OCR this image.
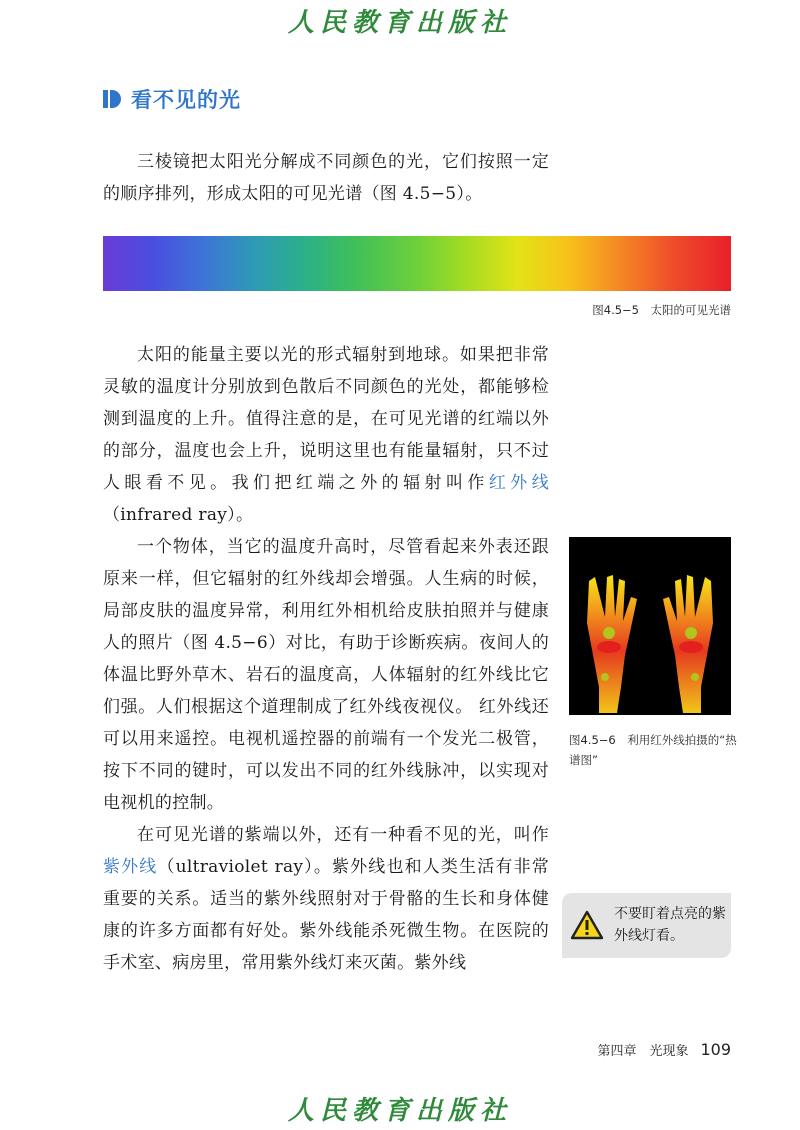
人民教育出版社
看不见的光

三棱镜把太阳光分解成不同颜色的光，它们按照一定的顺序排列，形成太阳的可见光谱（图 4.5−5）。

图4.5−5　太阳的可见光谱

太阳的能量主要以光的形式辐射到地球。如果把非常灵敏的温度计分别放到色散后不同颜色的光处，都能够检测到温度的上升。值得注意的是，在可见光谱的红端以外的部分，温度也会上升，说明这里也有能量辐射，只不过人眼看不见。我们把红端之外的辐射叫作红外线（infrared ray）。

一个物体，当它的温度升高时，尽管看起来外表还跟原来一样，但它辐射的红外线却会增强。人生病的时候，局部皮肤的温度异常，利用红外相机给皮肤拍照并与健康人的照片（图 4.5−6）对比，有助于诊断疾病。夜间人的体温比野外草木、岩石的温度高，人体辐射的红外线比它们强。人们根据这个道理制成了红外线夜视仪。 红外线还可以用来遥控。电视机遥控器的前端有一个发光二极管，按下不同的键时，可以发出不同的红外线脉冲，以实现对电视机的控制。

在可见光谱的紫端以外，还有一种看不见的光，叫作紫外线（ultraviolet ray）。紫外线也和人类生活有非常重要的关系。适当的紫外线照射对于骨骼的生长和身体健康的许多方面都有好处。紫外线能杀死微生物。在医院的手术室、病房里，常用紫外线灯来灭菌。紫外线

图4.5−6　利用红外线拍摄的“热谱图”
不要盯着点亮的紫外线灯看。
第四章　光现象 109
人民教育出版社
